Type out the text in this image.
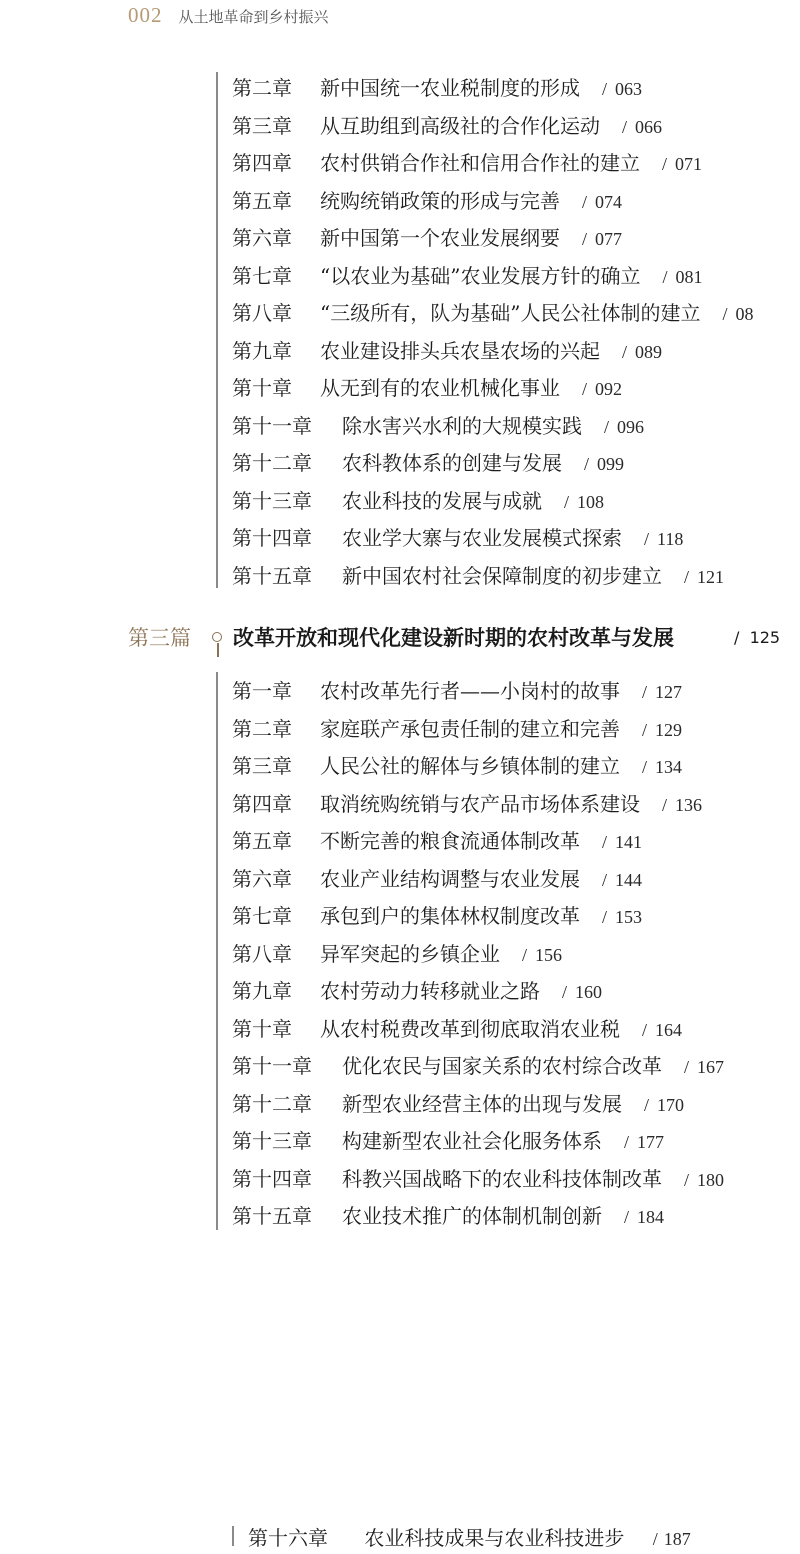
002 从土地革命到乡村振兴
第二章 新中国统一农业税制度的形成 / 063
第三章 从互助组到高级社的合作化运动 / 066
第四章 农村供销合作社和信用合作社的建立 / 071
第五章 统购统销政策的形成与完善 / 074
第六章 新中国第一个农业发展纲要 / 077
第七章 “以农业为基础”农业发展方针的确立 / 081
第八章 “三级所有，队为基础”人民公社体制的建立 / 08
第九章 农业建设排头兵农垦农场的兴起 / 089
第十章 从无到有的农业机械化事业 / 092
第十一章 除水害兴水利的大规模实践 / 096
第十二章 农科教体系的创建与发展 / 099
第十三章 农业科技的发展与成就 / 108
第十四章 农业学大寨与农业发展模式探索 / 118
第十五章 新中国农村社会保障制度的初步建立 / 121
第三篇 改革开放和现代化建设新时期的农村改革与发展	/ 125
第一章 农村改革先行者——小岗村的故事 / 127
第二章 家庭联产承包责任制的建立和完善 / 129
第三章 人民公社的解体与乡镇体制的建立 / 134
第四章 取消统购统销与农产品市场体系建设 / 136
第五章 不断完善的粮食流通体制改革 / 141
第六章 农业产业结构调整与农业发展 / 144
第七章 承包到户的集体林权制度改革 / 153
第八章 异军突起的乡镇企业 / 156
第九章 农村劳动力转移就业之路 / 160
第十章 从农村税费改革到彻底取消农业税 / 164
第十一章 优化农民与国家关系的农村综合改革 / 167
第十二章 新型农业经营主体的出现与发展 / 170
第十三章 构建新型农业社会化服务体系 / 177
第十四章 科教兴国战略下的农业科技体制改革 / 180
第十五章 农业技术推广的体制机制创新 / 184
第十六章 农业科技成果与农业科技进步 / 187
